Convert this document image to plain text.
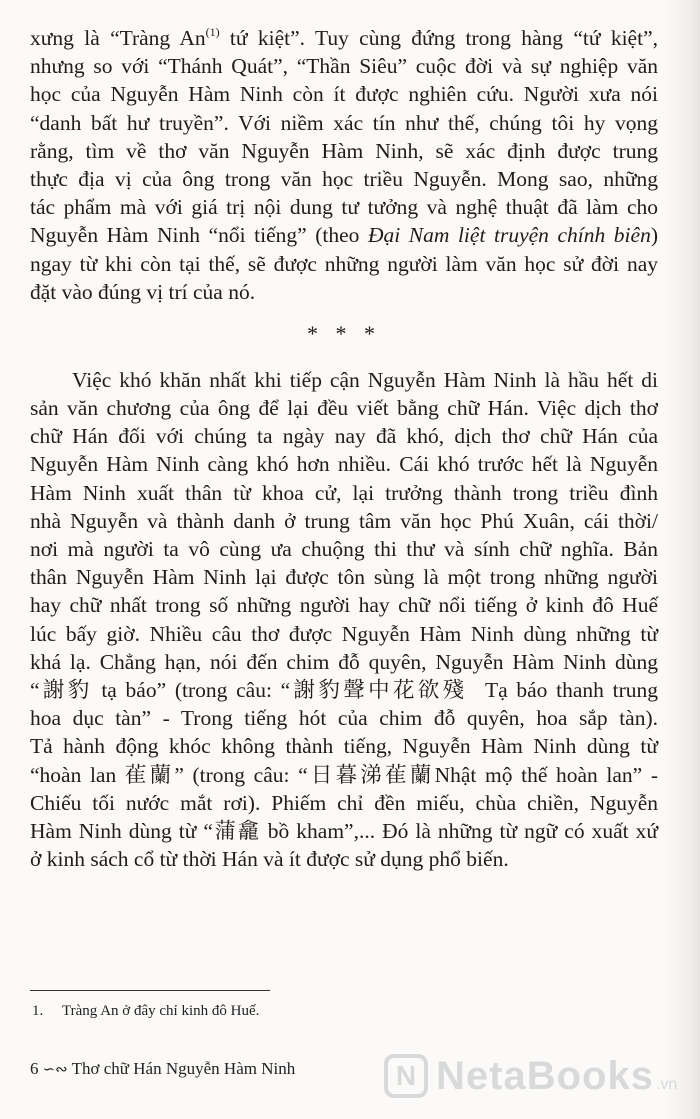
xưng là “Tràng An$^{(1)}$ tứ kiệt”. Tuy cùng đứng trong hàng “tứ kiệt”,
nhưng so với “Thánh Quát”, “Thần Siêu” cuộc đời và sự nghiệp văn
học của Nguyễn Hàm Ninh còn ít được nghiên cứu. Người xưa nói
“danh bất hư truyền”. Với niềm xác tín như thế, chúng tôi hy vọng
rằng, tìm về thơ văn Nguyễn Hàm Ninh, sẽ xác định được trung
thực địa vị của ông trong văn học triều Nguyễn. Mong sao, những
tác phẩm mà với giá trị nội dung tư tưởng và nghệ thuật đã làm cho
Nguyễn Hàm Ninh “nổi tiếng” (theo Đại Nam liệt truyện chính biên)
ngay từ khi còn tại thế, sẽ được những người làm văn học sử đời nay
đặt vào đúng vị trí của nó.
* * *
Việc khó khăn nhất khi tiếp cận Nguyễn Hàm Ninh là hầu hết di
sản văn chương của ông để lại đều viết bằng chữ Hán. Việc dịch thơ
chữ Hán đối với chúng ta ngày nay đã khó, dịch thơ chữ Hán của
Nguyễn Hàm Ninh càng khó hơn nhiều. Cái khó trước hết là Nguyễn
Hàm Ninh xuất thân từ khoa cử, lại trưởng thành trong triều đình
nhà Nguyễn và thành danh ở trung tâm văn học Phú Xuân, cái thời/
nơi mà người ta vô cùng ưa chuộng thi thư và sính chữ nghĩa. Bản
thân Nguyễn Hàm Ninh lại được tôn sùng là một trong những người
hay chữ nhất trong số những người hay chữ nổi tiếng ở kinh đô Huế
lúc bấy giờ. Nhiều câu thơ được Nguyễn Hàm Ninh dùng những từ
khá lạ. Chẳng hạn, nói đến chim đỗ quyên, Nguyễn Hàm Ninh dùng
“謝豹 tạ báo” (trong câu: “謝豹聲中花欲殘  Tạ báo thanh trung
hoa dục tàn” - Trong tiếng hót của chim đỗ quyên, hoa sắp tàn).
Tả hành động khóc không thành tiếng, Nguyễn Hàm Ninh dùng từ
“hoàn lan 雈蘭” (trong câu: “日暮涕雈蘭Nhật mộ thế hoàn lan” -
Chiếu tối nước mắt rơi). Phiếm chỉ đền miếu, chùa chiền, Nguyễn
Hàm Ninh dùng từ “蒲龕 bồ kham”,... Đó là những từ ngữ có xuất xứ
ở kinh sách cổ từ thời Hán và ít được sử dụng phổ biến.
1. Tràng An ở đây chỉ kinh đô Huế.
6 ∽∾ Thơ chữ Hán Nguyễn Hàm Ninh	N NetaBooks .vn
